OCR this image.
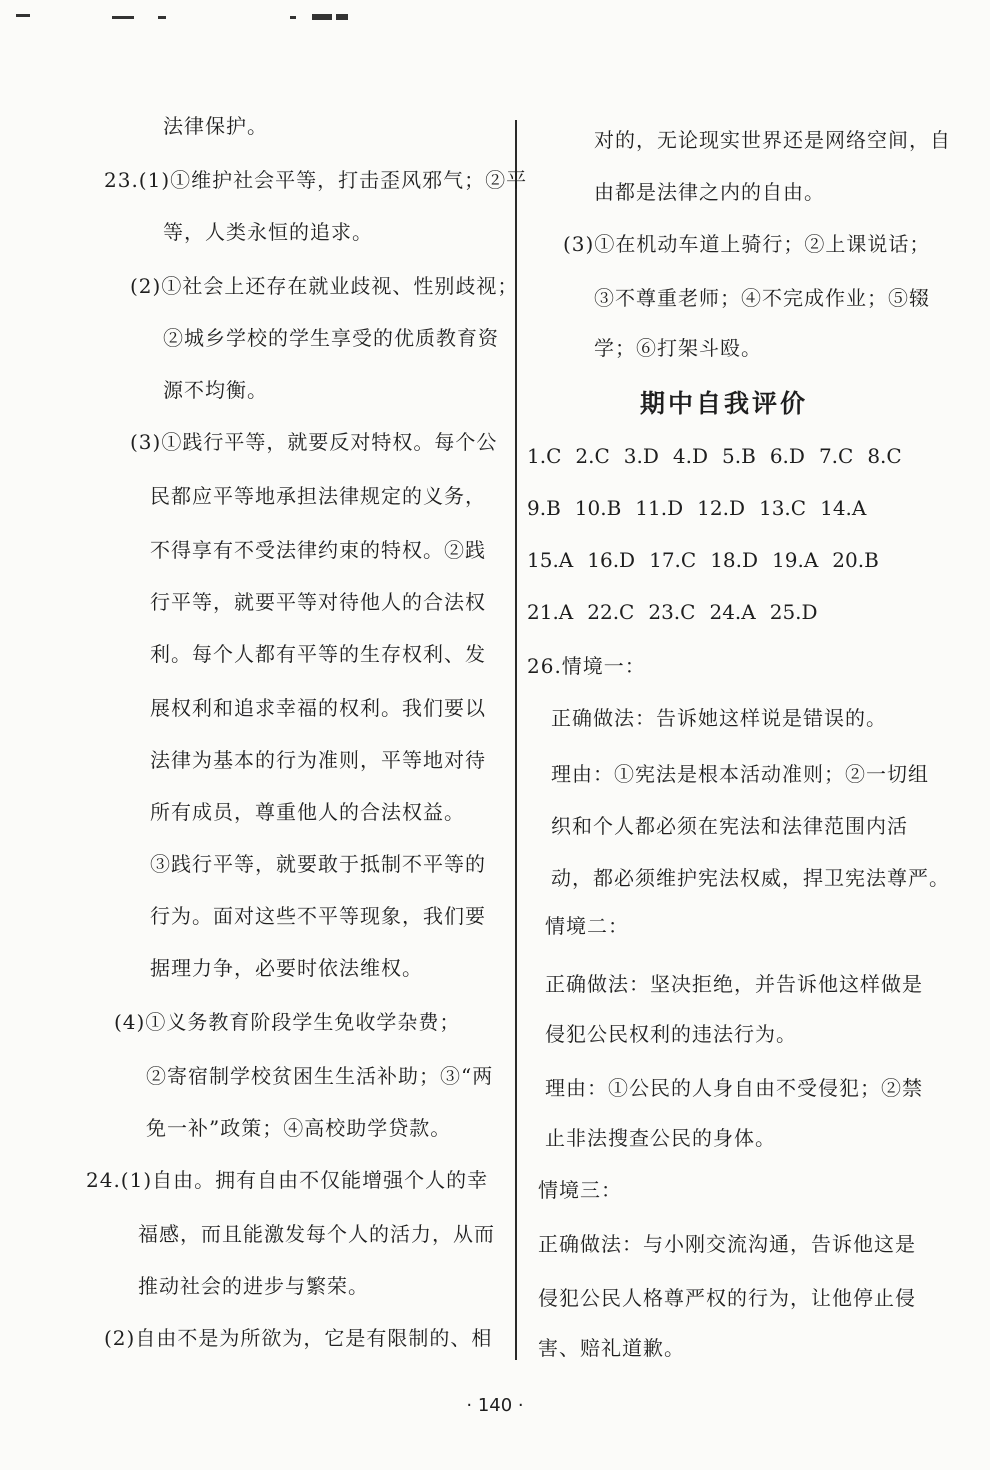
法律保护。
23.(1)①维护社会平等，打击歪风邪气；②平
等，人类永恒的追求。
(2)①社会上还存在就业歧视、性别歧视；
②城乡学校的学生享受的优质教育资
源不均衡。
(3)①践行平等，就要反对特权。每个公
民都应平等地承担法律规定的义务，
不得享有不受法律约束的特权。②践
行平等，就要平等对待他人的合法权
利。每个人都有平等的生存权利、发
展权利和追求幸福的权利。我们要以
法律为基本的行为准则，平等地对待
所有成员，尊重他人的合法权益。
③践行平等，就要敢于抵制不平等的
行为。面对这些不平等现象，我们要
据理力争，必要时依法维权。
(4)①义务教育阶段学生免收学杂费；
②寄宿制学校贫困生生活补助；③“两
免一补”政策；④高校助学贷款。
24.(1)自由。拥有自由不仅能增强个人的幸
福感，而且能激发每个人的活力，从而
推动社会的进步与繁荣。
(2)自由不是为所欲为，它是有限制的、相
对的，无论现实世界还是网络空间，自
由都是法律之内的自由。
(3)①在机动车道上骑行；②上课说话；
③不尊重老师；④不完成作业；⑤辍
学；⑥打架斗殴。
期中自我评价
1.C 2.C 3.D 4.D 5.B 6.D 7.C 8.C
9.B 10.B 11.D 12.D 13.C 14.A
15.A 16.D 17.C 18.D 19.A 20.B
21.A 22.C 23.C 24.A 25.D
26.情境一：
正确做法：告诉她这样说是错误的。
理由：①宪法是根本活动准则；②一切组
织和个人都必须在宪法和法律范围内活
动，都必须维护宪法权威，捍卫宪法尊严。
情境二：
正确做法：坚决拒绝，并告诉他这样做是
侵犯公民权利的违法行为。
理由：①公民的人身自由不受侵犯；②禁
止非法搜查公民的身体。
情境三：
正确做法：与小刚交流沟通，告诉他这是
侵犯公民人格尊严权的行为，让他停止侵
害、赔礼道歉。
· 140 ·
